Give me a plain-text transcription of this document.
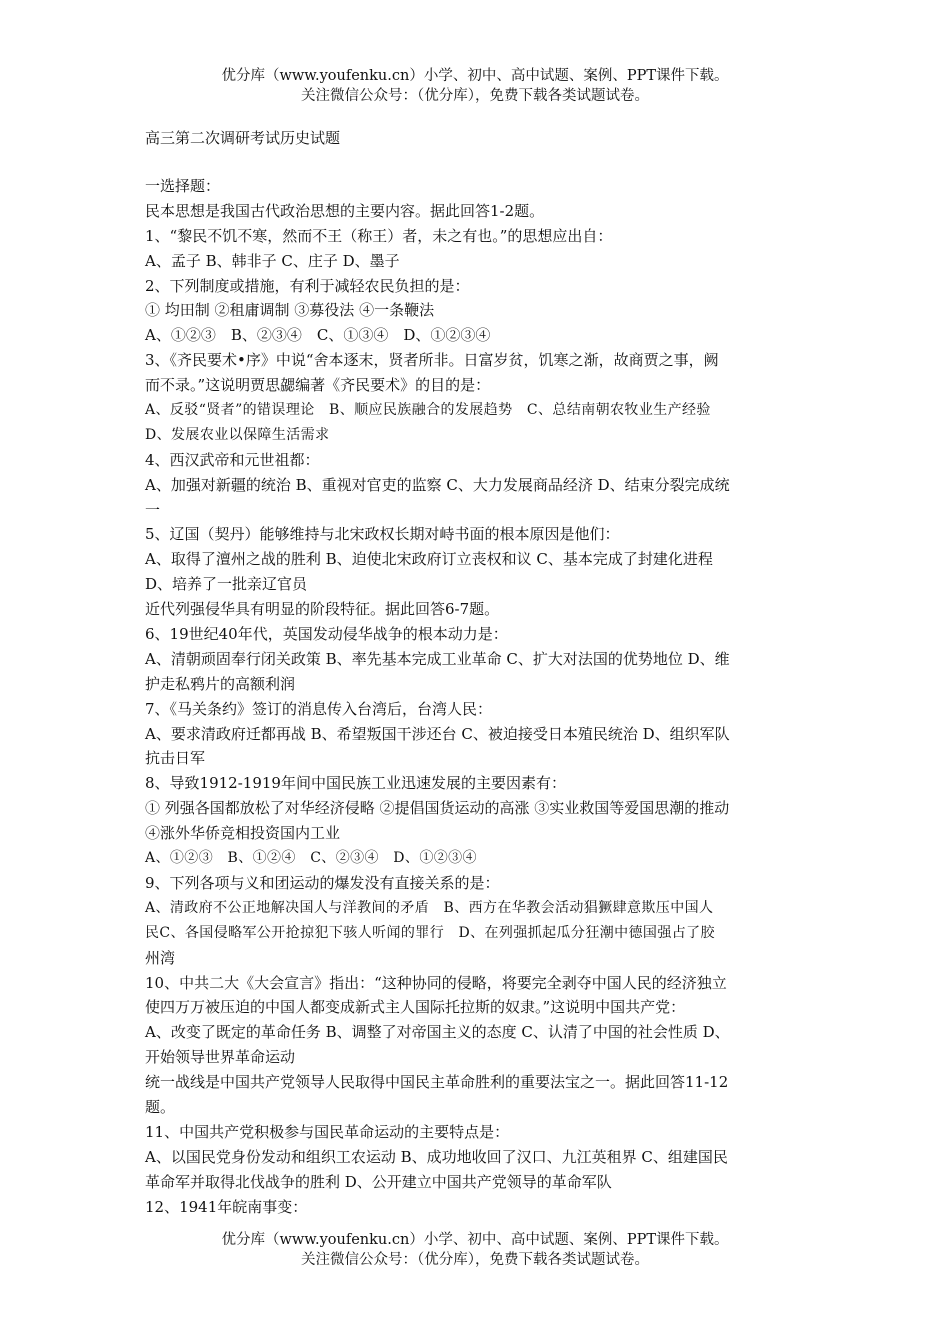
优分库（www.youfenku.cn）小学、初中、高中试题、案例、PPT课件下载。
关注微信公众号：（优分库），免费下载各类试题试卷。
高三第二次调研考试历史试题
一选择题：
民本思想是我国古代政治思想的主要内容。据此回答1-2题。
1、“黎民不饥不寒，然而不王（称王）者，未之有也。”的思想应出自：
A、孟子 B、韩非子 C、庄子 D、墨子
2、下列制度或措施，有利于减轻农民负担的是：
① 均田制 ②租庸调制 ③募役法 ④一条鞭法
A、①②③　B、②③④　C、①③④　D、①②③④
3、《齐民要术•序》中说“舍本逐末，贤者所非。日富岁贫，饥寒之渐，故商贾之事，阙
而不录。”这说明贾思勰编著《齐民要术》的目的是：
A、反驳“贤者”的错误理论　B、顺应民族融合的发展趋势　C、总结南朝农牧业生产经验
D、发展农业以保障生活需求
4、西汉武帝和元世祖都：
A、加强对新疆的统治 B、重视对官吏的监察 C、大力发展商品经济 D、结束分裂完成统
一
5、辽国（契丹）能够维持与北宋政权长期对峙书面的根本原因是他们：
A、取得了澶州之战的胜利 B、迫使北宋政府订立丧权和议 C、基本完成了封建化进程
D、培养了一批亲辽官员
近代列强侵华具有明显的阶段特征。据此回答6-7题。
6、19世纪40年代，英国发动侵华战争的根本动力是：
A、清朝顽固奉行闭关政策 B、率先基本完成工业革命 C、扩大对法国的优势地位 D、维
护走私鸦片的高额利润
7、《马关条约》签订的消息传入台湾后，台湾人民：
A、要求清政府迁都再战 B、希望叛国干涉还台 C、被迫接受日本殖民统治 D、组织军队
抗击日军
8、导致1912-1919年间中国民族工业迅速发展的主要因素有：
① 列强各国都放松了对华经济侵略 ②提倡国货运动的高涨 ③实业救国等爱国思潮的推动
④涨外华侨竞相投资国内工业
A、①②③　B、①②④　C、②③④　D、①②③④
9、下列各项与义和团运动的爆发没有直接关系的是：
A、清政府不公正地解决国人与洋教间的矛盾　B、西方在华教会活动猖獗肆意欺压中国人
民C、各国侵略军公开抢掠犯下骇人听闻的罪行　D、在列强抓起瓜分狂潮中德国强占了胶
州湾
10、中共二大《大会宣言》指出：“这种协同的侵略，将要完全剥夺中国人民的经济独立
使四万万被压迫的中国人都变成新式主人国际托拉斯的奴隶。”这说明中国共产党：
A、改变了既定的革命任务 B、调整了对帝国主义的态度 C、认清了中国的社会性质 D、
开始领导世界革命运动
统一战线是中国共产党领导人民取得中国民主革命胜利的重要法宝之一。据此回答11-12
题。
11、中国共产党积极参与国民革命运动的主要特点是：
A、以国民党身份发动和组织工农运动 B、成功地收回了汉口、九江英租界 C、组建国民
革命军并取得北伐战争的胜利 D、公开建立中国共产党领导的革命军队
12、1941年皖南事变：
优分库（www.youfenku.cn）小学、初中、高中试题、案例、PPT课件下载。
关注微信公众号：（优分库），免费下载各类试题试卷。
